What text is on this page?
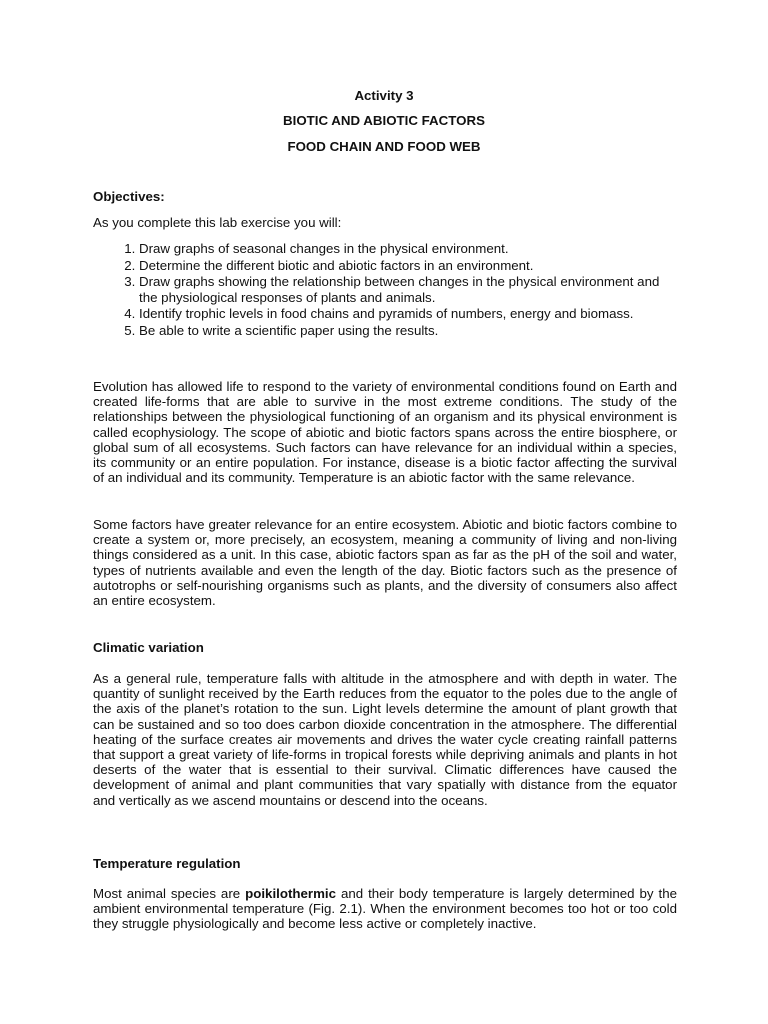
Activity 3
BIOTIC AND ABIOTIC FACTORS
FOOD CHAIN AND FOOD WEB
Objectives:
As you complete this lab exercise you will:
1. Draw graphs of seasonal changes in the physical environment.
2. Determine the different biotic and abiotic factors in an environment.
3. Draw graphs showing the relationship between changes in the physical environment and the physiological responses of plants and animals.
4. Identify trophic levels in food chains and pyramids of numbers, energy and biomass.
5. Be able to write a scientific paper using the results.

Evolution has allowed life to respond to the variety of environmental conditions found on Earth and created life-forms that are able to survive in the most extreme conditions. The study of the relationships between the physiological functioning of an organism and its physical environment is called ecophysiology. The scope of abiotic and biotic factors spans across the entire biosphere, or global sum of all ecosystems. Such factors can have relevance for an individual within a species, its community or an entire population. For instance, disease is a biotic factor affecting the survival of an individual and its community. Temperature is an abiotic factor with the same relevance.

Some factors have greater relevance for an entire ecosystem. Abiotic and biotic factors combine to create a system or, more precisely, an ecosystem, meaning a community of living and non-living things considered as a unit. In this case, abiotic factors span as far as the pH of the soil and water, types of nutrients available and even the length of the day. Biotic factors such as the presence of autotrophs or self-nourishing organisms such as plants, and the diversity of consumers also affect an entire ecosystem.

Climatic variation

As a general rule, temperature falls with altitude in the atmosphere and with depth in water. The quantity of sunlight received by the Earth reduces from the equator to the poles due to the angle of the axis of the planet’s rotation to the sun. Light levels determine the amount of plant growth that can be sustained and so too does carbon dioxide concentration in the atmosphere. The differential heating of the surface creates air movements and drives the water cycle creating rainfall patterns that support a great variety of life-forms in tropical forests while depriving animals and plants in hot deserts of the water that is essential to their survival. Climatic differences have caused the development of animal and plant communities that vary spatially with distance from the equator and vertically as we ascend mountains or descend into the oceans.

Temperature regulation

Most animal species are poikilothermic and their body temperature is largely determined by the ambient environmental temperature (Fig. 2.1). When the environment becomes too hot or too cold they struggle physiologically and become less active or completely inactive.
